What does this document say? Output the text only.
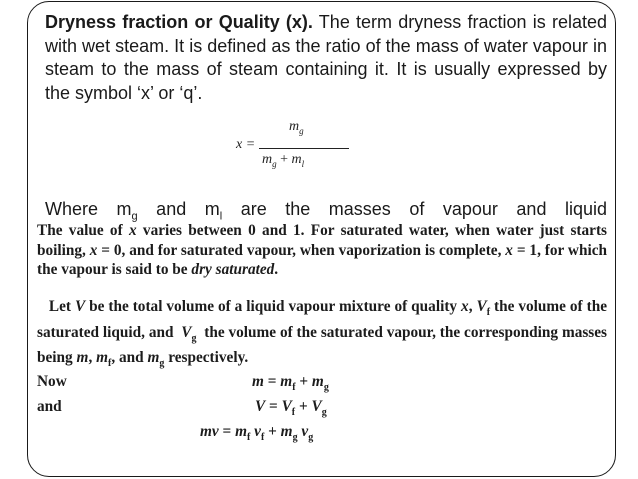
Dryness fraction or Quality (x). The term dryness fraction is related with wet steam. It is defined as the ratio of the mass of water vapour in steam to the mass of steam containing it. It is usually expressed by the symbol ‘x’ or ‘q’.

x =
$m_g$
$m_g + m_l$
Where $m_g$ and $m_l$ are the masses of vapour and liquid

The value of x varies between 0 and 1. For saturated water, when water just starts boiling, x = 0, and for saturated vapour, when vaporization is complete, x = 1, for which the vapour is said to be dry saturated.

Let V be the total volume of a liquid vapour mixture of quality x, $V_f$ the volume of the saturated liquid, and  $V_g$  the volume of the saturated vapour, the corresponding masses being m, $m_f$, and $m_g$ respectively.

Now	$m = m_f + m_g$
and	$V = V_f + V_g$
mv = $m_f$ $v_f + m_g$ $v_g$
